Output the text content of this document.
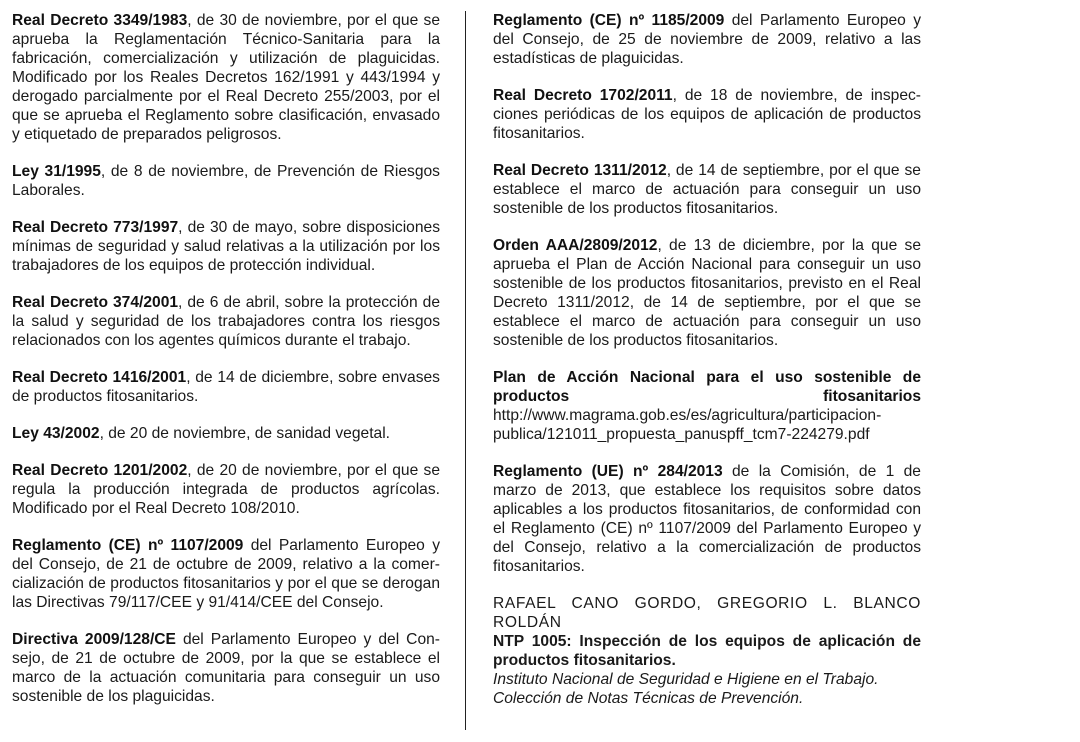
Real Decreto 3349/1983, de 30 de noviembre, por el que se aprueba la Reglamentación Técnico-Sanitaria para la fabricación, comercialización y utilización de plaguicidas. Modificado por los Reales Decretos 162/1991 y 443/1994 y derogado parcialmente por el Real Decreto 255/2003, por el que se aprueba el Reglamento sobre clasificación, envasado y etiquetado de preparados peligrosos.

Ley 31/1995, de 8 de noviembre, de Prevención de Riesgos Laborales.

Real Decreto 773/1997, de 30 de mayo, sobre disposiciones mínimas de seguridad y salud relativas a la utilización por los trabajadores de los equipos de protección individual.

Real Decreto 374/2001, de 6 de abril, sobre la protección de la salud y seguridad de los trabajadores contra los riesgos relacionados con los agentes químicos durante el trabajo.

Real Decreto 1416/2001, de 14 de diciembre, sobre envases de productos fitosanitarios.

Ley 43/2002, de 20 de noviembre, de sanidad vegetal.

Real Decreto 1201/2002, de 20 de noviembre, por el que se regula la producción integrada de productos agrícolas. Modificado por el Real Decreto 108/2010.

Reglamento (CE) nº 1107/2009 del Parlamento Europeo y del Consejo, de 21 de octubre de 2009, relativo a la comercialización de productos fitosanitarios y por el que se derogan las Directivas 79/117/CEE y 91/414/CEE del Consejo.

Directiva 2009/128/CE del Parlamento Europeo y del Consejo, de 21 de octubre de 2009, por la que se establece el marco de la actuación comunitaria para conseguir un uso sostenible de los plaguicidas.

Reglamento (CE) nº 1185/2009 del Parlamento Europeo y del Consejo, de 25 de noviembre de 2009, relativo a las estadísticas de plaguicidas.

Real Decreto 1702/2011, de 18 de noviembre, de inspecciones periódicas de los equipos de aplicación de productos fitosanitarios.

Real Decreto 1311/2012, de 14 de septiembre, por el que se establece el marco de actuación para conseguir un uso sostenible de los productos fitosanitarios.

Orden AAA/2809/2012, de 13 de diciembre, por la que se aprueba el Plan de Acción Nacional para conseguir un uso sostenible de los productos fitosanitarios, previsto en el Real Decreto 1311/2012, de 14 de septiembre, por el que se establece el marco de actuación para conseguir un uso sostenible de los productos fitosanitarios.

Plan de Acción Nacional para el uso sostenible de productos fitosanitarios http://www.magrama.gob.es/es/agricultura/participacion-publica/121011_propuesta_panuspff_tcm7-224279.pdf

Reglamento (UE) nº 284/2013 de la Comisión, de 1 de marzo de 2013, que establece los requisitos sobre datos aplicables a los productos fitosanitarios, de conformidad con el Reglamento (CE) nº 1107/2009 del Parlamento Europeo y del Consejo, relativo a la comercialización de productos fitosanitarios.

RAFAEL CANO GORDO, GREGORIO L. BLANCO ROLDÁN

NTP 1005: Inspección de los equipos de aplicación de productos fitosanitarios.

Instituto Nacional de Seguridad e Higiene en el Trabajo.

Colección de Notas Técnicas de Prevención.
